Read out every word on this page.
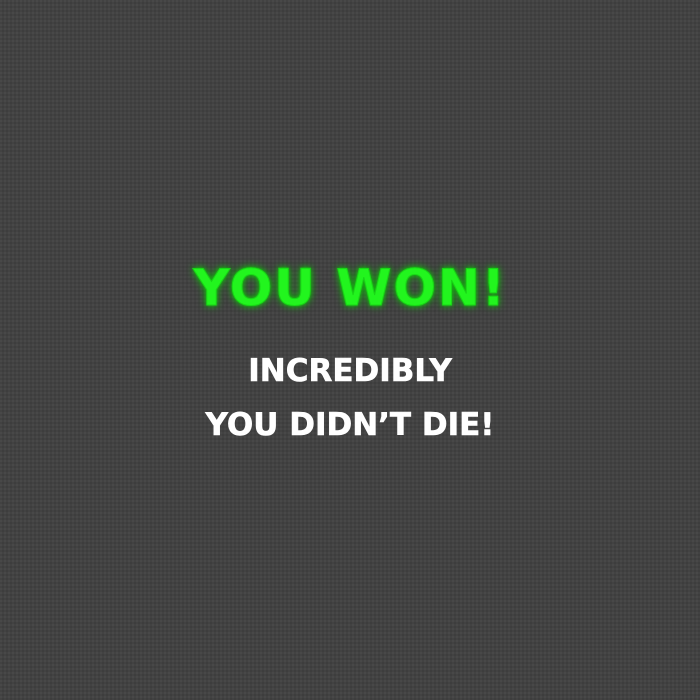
YOU WON!
INCREDIBLY
YOU DIDN’T DIE!
